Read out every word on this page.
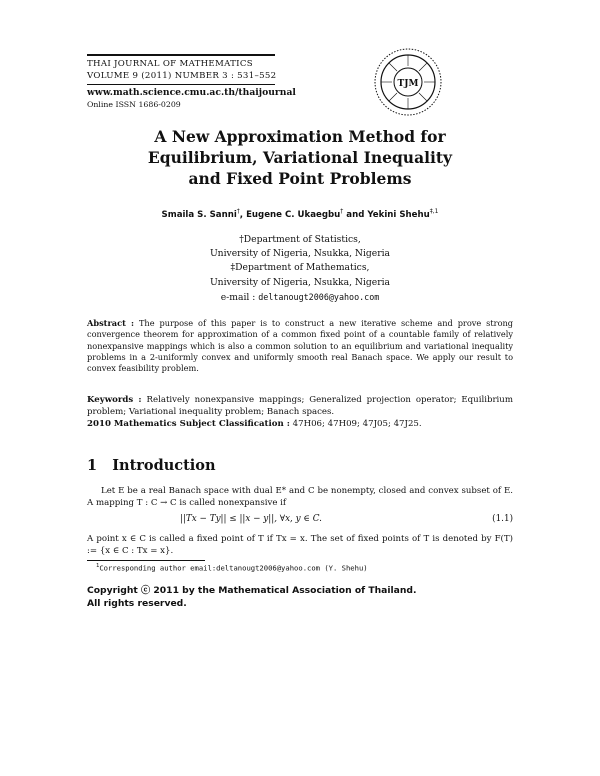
THAI JOURNAL OF MATHEMATICS
VOLUME 9 (2011) NUMBER 3 : 531–552
www.math.science.cmu.ac.th/thaijournal
Online ISSN 1686-0209
TJM
A New Approximation Method for
Equilibrium, Variational Inequality
and Fixed Point Problems
Smaila S. Sanni†, Eugene C. Ukaegbu† and Yekini Shehu$^{\ddagger,1}$
†Department of Statistics,
University of Nigeria, Nsukka, Nigeria
‡Department of Mathematics,
University of Nigeria, Nsukka, Nigeria
e-mail : deltanougt2006@yahoo.com
Abstract : The purpose of this paper is to construct a new iterative scheme and prove strong convergence theorem for approximation of a common fixed point of a countable family of relatively nonexpansive mappings which is also a common solution to an equilibrium and variational inequality problems in a 2-uniformly convex and uniformly smooth real Banach space. We apply our result to convex feasibility problem.
Keywords : Relatively nonexpansive mappings; Generalized projection operator; Equilibrium problem; Variational inequality problem; Banach spaces.
2010 Mathematics Subject Classification : 47H06; 47H09; 47J05; 47J25.
1 Introduction
Let E be a real Banach space with dual E* and C be nonempty, closed and convex subset of E. A mapping T : C → C is called nonexpansive if
||Tx − Ty|| ≤ ||x − y||, ∀x, y ∈ C.	(1.1)
A point x ∈ C is called a fixed point of T if Tx = x. The set of fixed points of T is denoted by F(T) := {x ∈ C : Tx = x}.
$^1$Corresponding author email:deltanougt2006@yahoo.com (Y. Shehu)
Copyright ⓒ 2011 by the Mathematical Association of Thailand.
All rights reserved.
